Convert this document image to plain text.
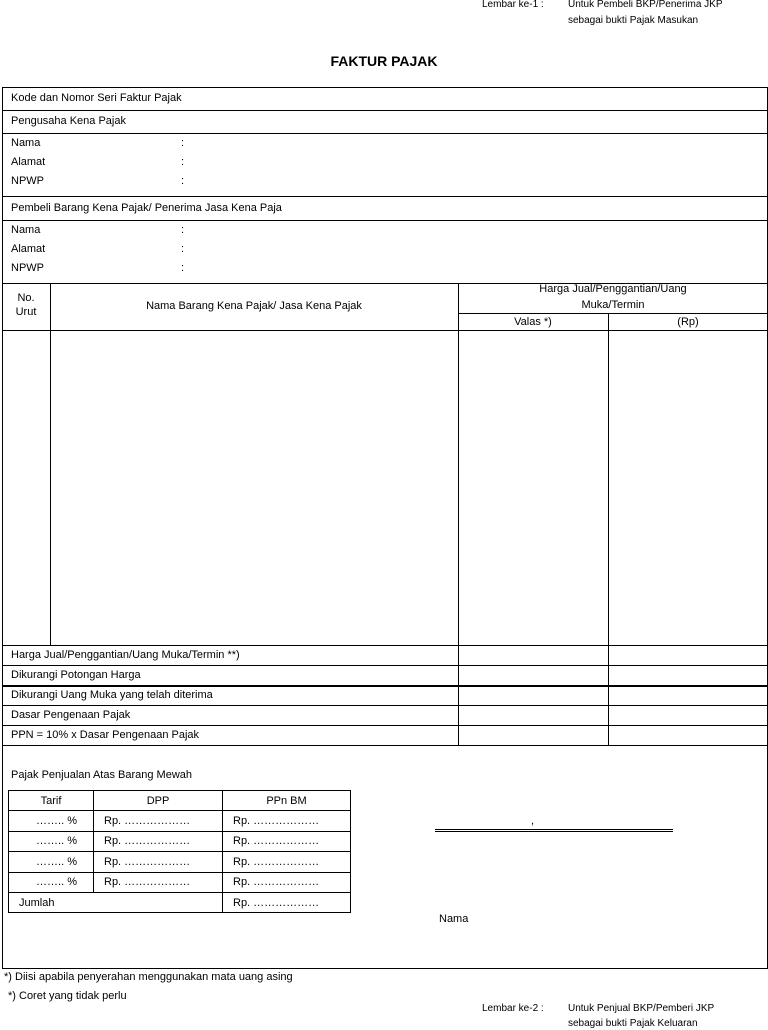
Lembar ke-1 : Untuk Pembeli BKP/Penerima JKP
sebagai bukti Pajak Masukan
FAKTUR PAJAK
Kode dan Nomor Seri Faktur Pajak
Pengusaha Kena Pajak
Nama	:
Alamat	:
NPWP	:
Pembeli Barang Kena Pajak/ Penerima Jasa Kena Paja
Nama	:
Alamat	:
NPWP	:
No.
Urut	Nama Barang Kena Pajak/ Jasa Kena Pajak
Harga Jual/Penggantian/Uang
Muka/Termin
Valas *)	(Rp)
Harga Jual/Penggantian/Uang Muka/Termin **)
Dikurangi Potongan Harga
Dikurangi Uang Muka yang telah diterima
Dasar Pengenaan Pajak
PPN = 10% x Dasar Pengenaan Pajak
Pajak Penjualan Atas Barang Mewah
Tarif	DPP	PPn BM
…….. %	Rp. ………………	Rp. ………………
…….. %	Rp. ………………	Rp. ………………
…….. %	Rp. ………………	Rp. ………………
…….. %	Rp. ………………	Rp. ………………
Jumlah		Rp. ………………
,
Nama
*) Diisi apabila penyerahan menggunakan mata uang asing
*) Coret yang tidak perlu
Lembar ke-2 : Untuk Penjual BKP/Pemberi JKP
sebagai bukti Pajak Keluaran
